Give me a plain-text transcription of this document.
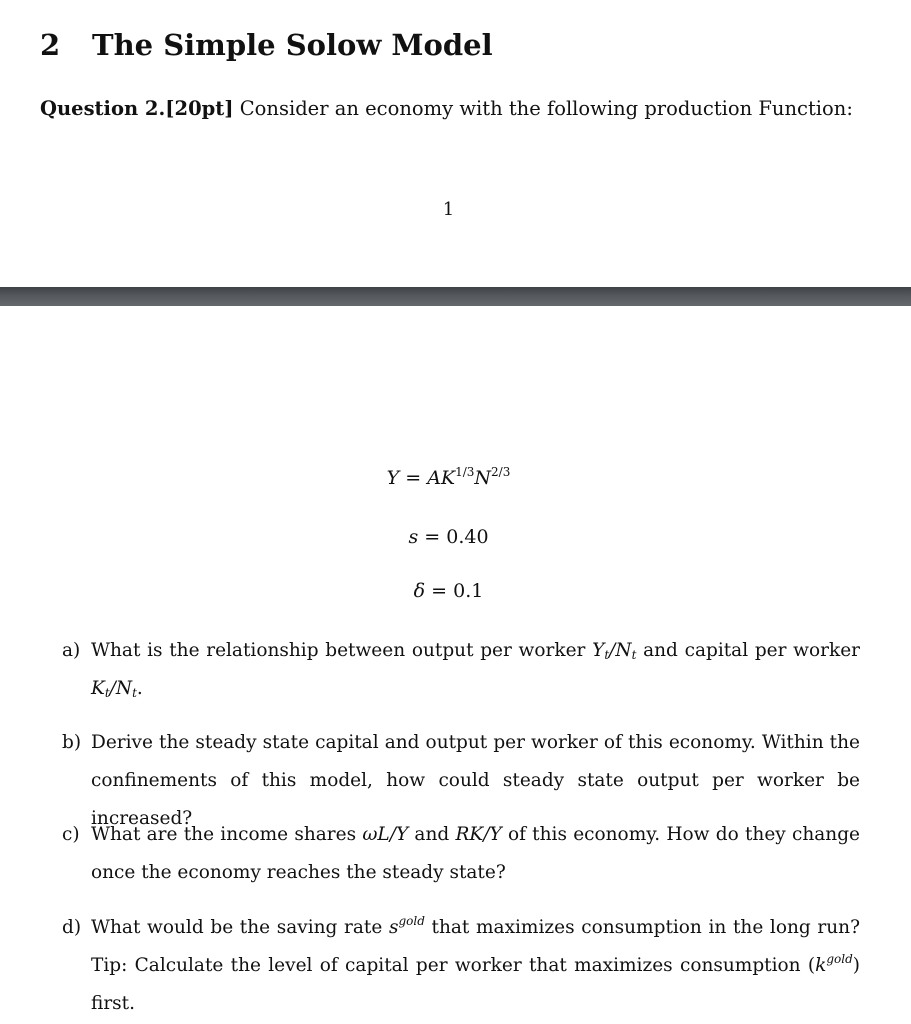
2 The Simple Solow Model
Question 2.[20pt] Consider an economy with the following production Function:
1
$Y = AK^{1/3}N^{2/3}$
s = 0.40
δ = 0.1
a) What is the relationship between output per worker $Y_t/N_t$ and capital per worker $K_t/N_t$.
b) Derive the steady state capital and output per worker of this economy. Within the confinements of this model, how could steady state output per worker be increased?
c) What are the income shares ωL/Y and RK/Y of this economy. How do they change once the economy reaches the steady state?
d) What would be the saving rate $s^{gold}$ that maximizes consumption in the long run? Tip: Calculate the level of capital per worker that maximizes consumption $(k^{gold})$ first.
